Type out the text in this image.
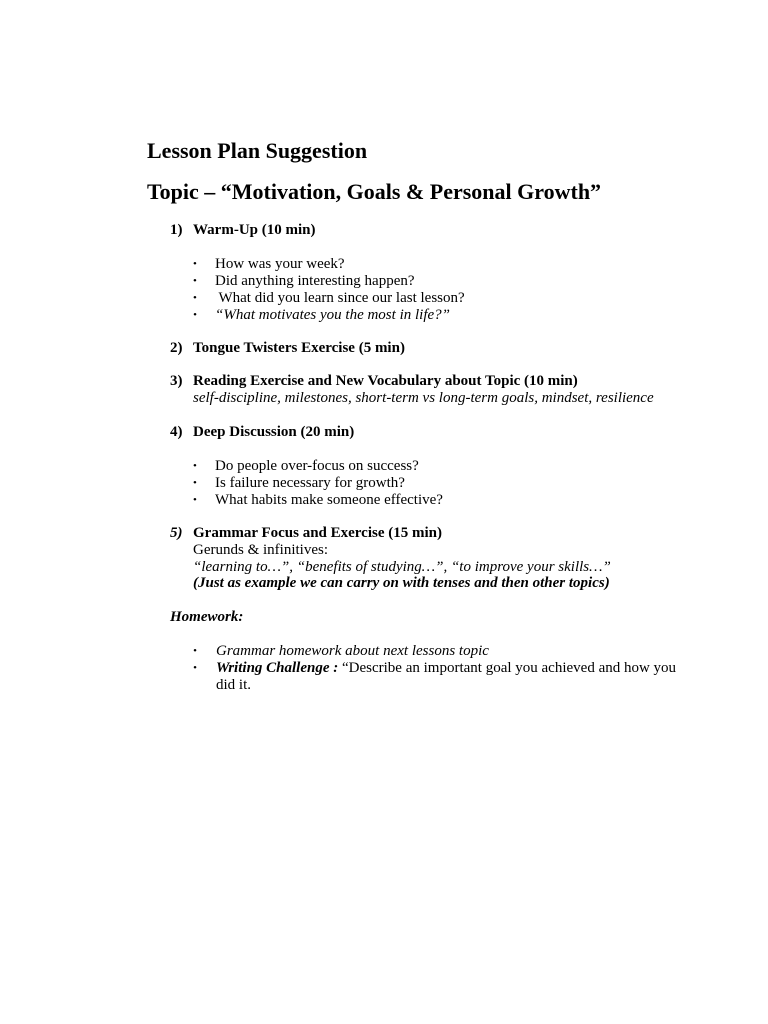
Lesson Plan Suggestion
Topic – “Motivation, Goals & Personal Growth”
1) Warm-Up (10 min)
• How was your week?
• Did anything interesting happen?
• What did you learn since our last lesson?
• “What motivates you the most in life?”
2) Tongue Twisters Exercise (5 min)
3) Reading Exercise and New Vocabulary about Topic (10 min)
self-discipline, milestones, short-term vs long-term goals, mindset, resilience
4) Deep Discussion (20 min)
• Do people over-focus on success?
• Is failure necessary for growth?
• What habits make someone effective?
5) Grammar Focus and Exercise (15 min)
Gerunds & infinitives:
“learning to…”, “benefits of studying…”, “to improve your skills…”
(Just as example we can carry on with tenses and then other topics)
Homework:
• Grammar homework about next lessons topic
• Writing Challenge : “Describe an important goal you achieved and how you did it.
